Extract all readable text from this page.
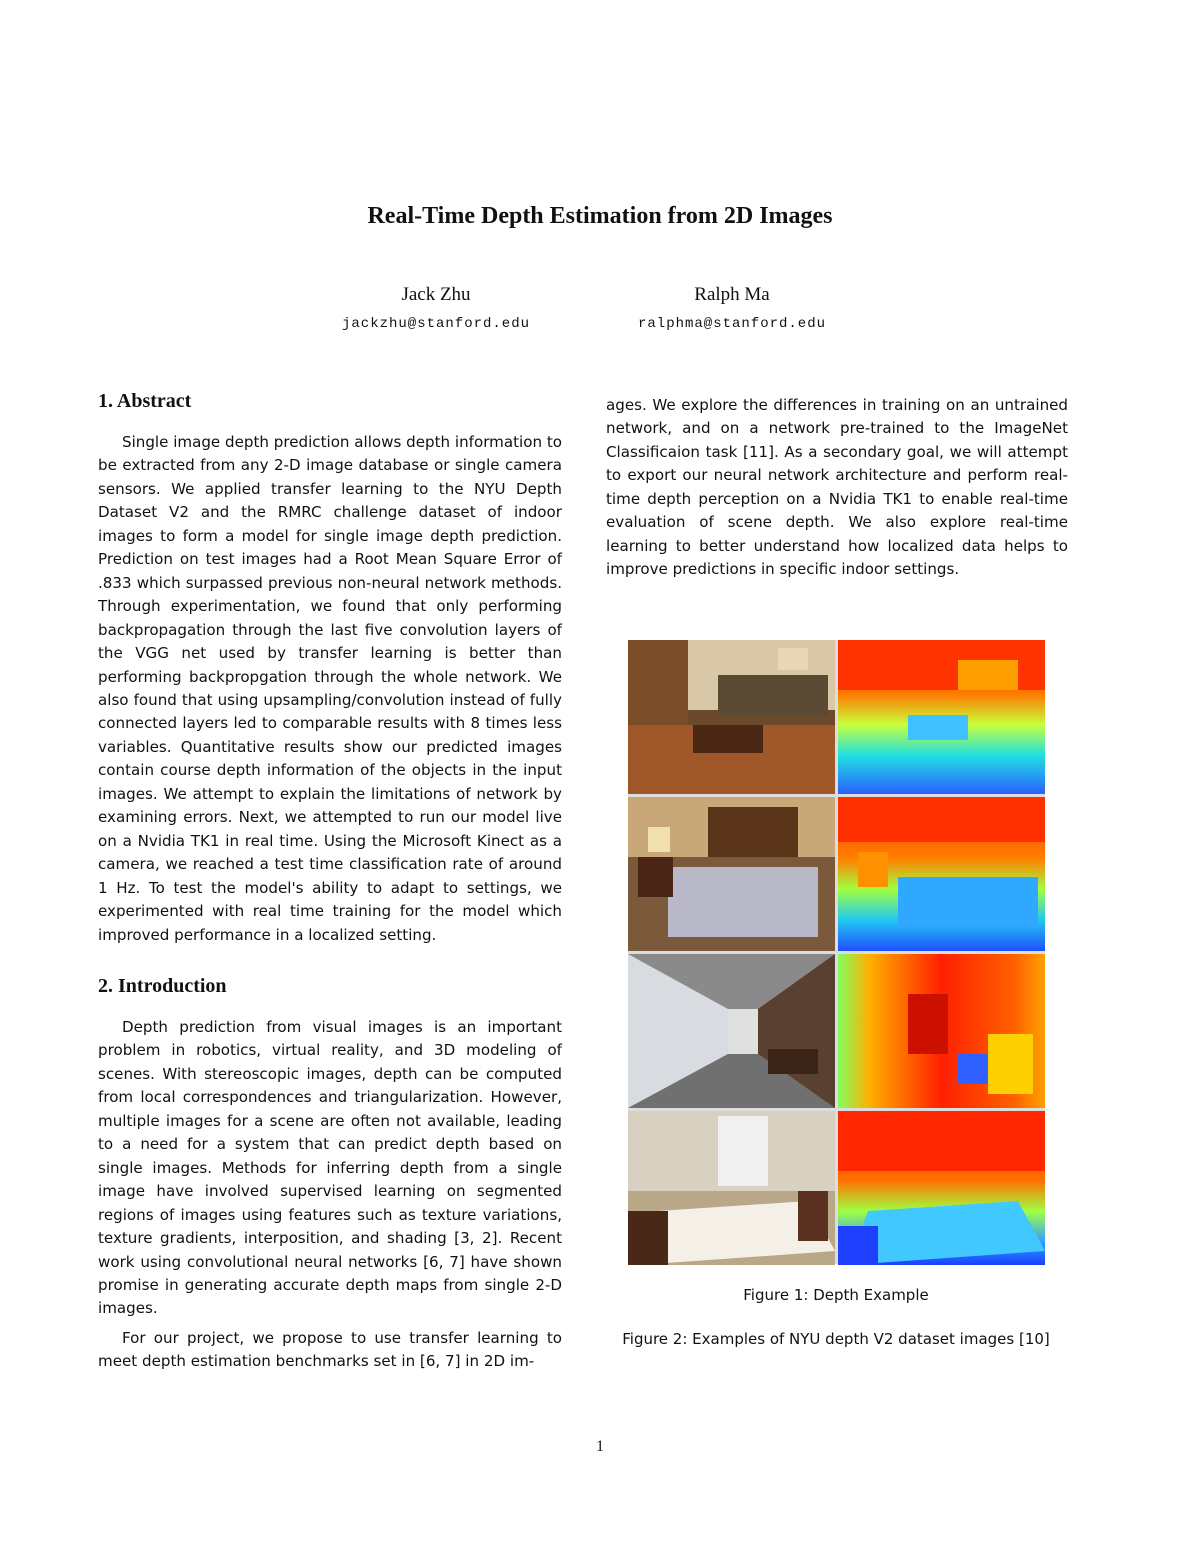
Real-Time Depth Estimation from 2D Images
Jack Zhu
jackzhu@stanford.edu
Ralph Ma
ralphma@stanford.edu
1. Abstract

Single image depth prediction allows depth information to be extracted from any 2-D image database or single camera sensors. We applied transfer learning to the NYU Depth Dataset V2 and the RMRC challenge dataset of indoor images to form a model for single image depth prediction. Prediction on test images had a Root Mean Square Error of .833 which surpassed previous non-neural network methods. Through experimentation, we found that only performing backpropagation through the last five convolution layers of the VGG net used by transfer learning is better than performing backpropgation through the whole network. We also found that using upsampling/convolution instead of fully connected layers led to comparable results with 8 times less variables. Quantitative results show our predicted images contain course depth information of the objects in the input images. We attempt to explain the limitations of network by examining errors. Next, we attempted to run our model live on a Nvidia TK1 in real time. Using the Microsoft Kinect as a camera, we reached a test time classification rate of around 1 Hz. To test the model's ability to adapt to settings, we experimented with real time training for the model which improved performance in a localized setting.

2. Introduction

Depth prediction from visual images is an important problem in robotics, virtual reality, and 3D modeling of scenes. With stereoscopic images, depth can be computed from local correspondences and triangularization. However, multiple images for a scene are often not available, leading to a need for a system that can predict depth based on single images. Methods for inferring depth from a single image have involved supervised learning on segmented regions of images using features such as texture variations, texture gradients, interposition, and shading [3, 2]. Recent work using convolutional neural networks [6, 7] have shown promise in generating accurate depth maps from single 2-D images.

For our project, we propose to use transfer learning to meet depth estimation benchmarks set in [6, 7] in 2D im-

ages. We explore the differences in training on an untrained network, and on a network pre-trained to the ImageNet Classificaion task [11]. As a secondary goal, we will attempt to export our neural network architecture and perform real-time depth perception on a Nvidia TK1 to enable real-time evaluation of scene depth. We also explore real-time learning to better understand how localized data helps to improve predictions in specific indoor settings.

Figure 1: Depth Example
Figure 2: Examples of NYU depth V2 dataset images [10]
1
